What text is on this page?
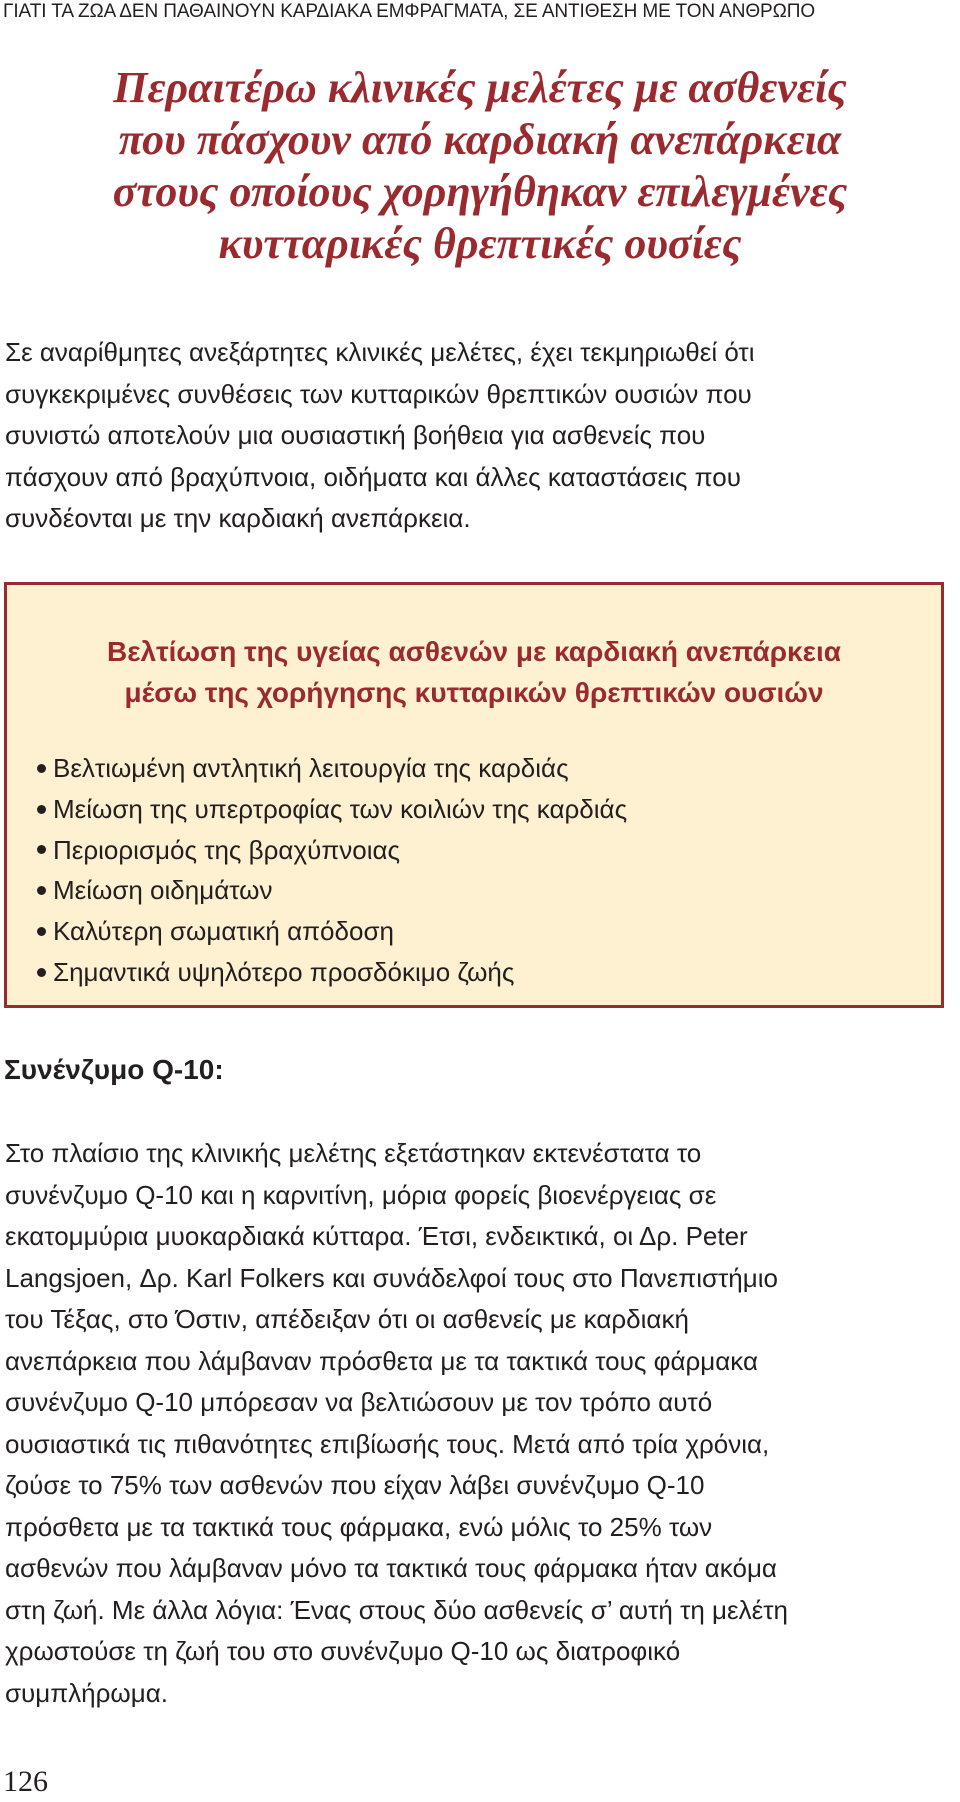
ΓΙΑΤΙ ΤΑ ΖΩΑ ΔΕΝ ΠΑΘΑΙΝΟΥΝ ΚΑΡΔΙΑΚΑ ΕΜΦΡΑΓΜΑΤΑ, ΣΕ ΑΝΤΙΘΕΣΗ ΜΕ ΤΟΝ ΑΝΘΡΩΠΟ
Περαιτέρω κλινικές μελέτες με ασθενείς
που πάσχουν από καρδιακή ανεπάρκεια
στους οποίους χορηγήθηκαν επιλεγμένες
κυτταρικές θρεπτικές ουσίες
Σε αναρίθμητες ανεξάρτητες κλινικές μελέτες, έχει τεκμηριωθεί ότι
συγκεκριμένες συνθέσεις των κυτταρικών θρεπτικών ουσιών που
συνιστώ αποτελούν μια ουσιαστική βοήθεια για ασθενείς που
πάσχουν από βραχύπνοια, οιδήματα και άλλες καταστάσεις που
συνδέονται με την καρδιακή ανεπάρκεια.
Βελτίωση της υγείας ασθενών με καρδιακή ανεπάρκεια
μέσω της χορήγησης κυτταρικών θρεπτικών ουσιών
Βελτιωμένη αντλητική λειτουργία της καρδιάς
Μείωση της υπερτροφίας των κοιλιών της καρδιάς
Περιορισμός της βραχύπνοιας
Μείωση οιδημάτων
Καλύτερη σωματική απόδοση
Σημαντικά υψηλότερο προσδόκιμο ζωής
Συνένζυμο Q-10:
Στο πλαίσιο της κλινικής μελέτης εξετάστηκαν εκτενέστατα το
συνένζυμο Q-10 και η καρνιτίνη, μόρια φορείς βιοενέργειας σε
εκατομμύρια μυοκαρδιακά κύτταρα. Έτσι, ενδεικτικά, οι Δρ. Peter
Langsjoen, Δρ. Karl Folkers και συνάδελφοί τους στο Πανεπιστήμιο
του Τέξας, στο Όστιν, απέδειξαν ότι οι ασθενείς με καρδιακή
ανεπάρκεια που λάμβαναν πρόσθετα με τα τακτικά τους φάρμακα
συνένζυμο Q-10 μπόρεσαν να βελτιώσουν με τον τρόπο αυτό
ουσιαστικά τις πιθανότητες επιβίωσής τους. Μετά από τρία χρόνια,
ζούσε το 75% των ασθενών που είχαν λάβει συνένζυμο Q-10
πρόσθετα με τα τακτικά τους φάρμακα, ενώ μόλις το 25% των
ασθενών που λάμβαναν μόνο τα τακτικά τους φάρμακα ήταν ακόμα
στη ζωή. Με άλλα λόγια: Ένας στους δύο ασθενείς σ’ αυτή τη μελέτη
χρωστούσε τη ζωή του στο συνένζυμο Q-10 ως διατροφικό
συμπλήρωμα.
126
